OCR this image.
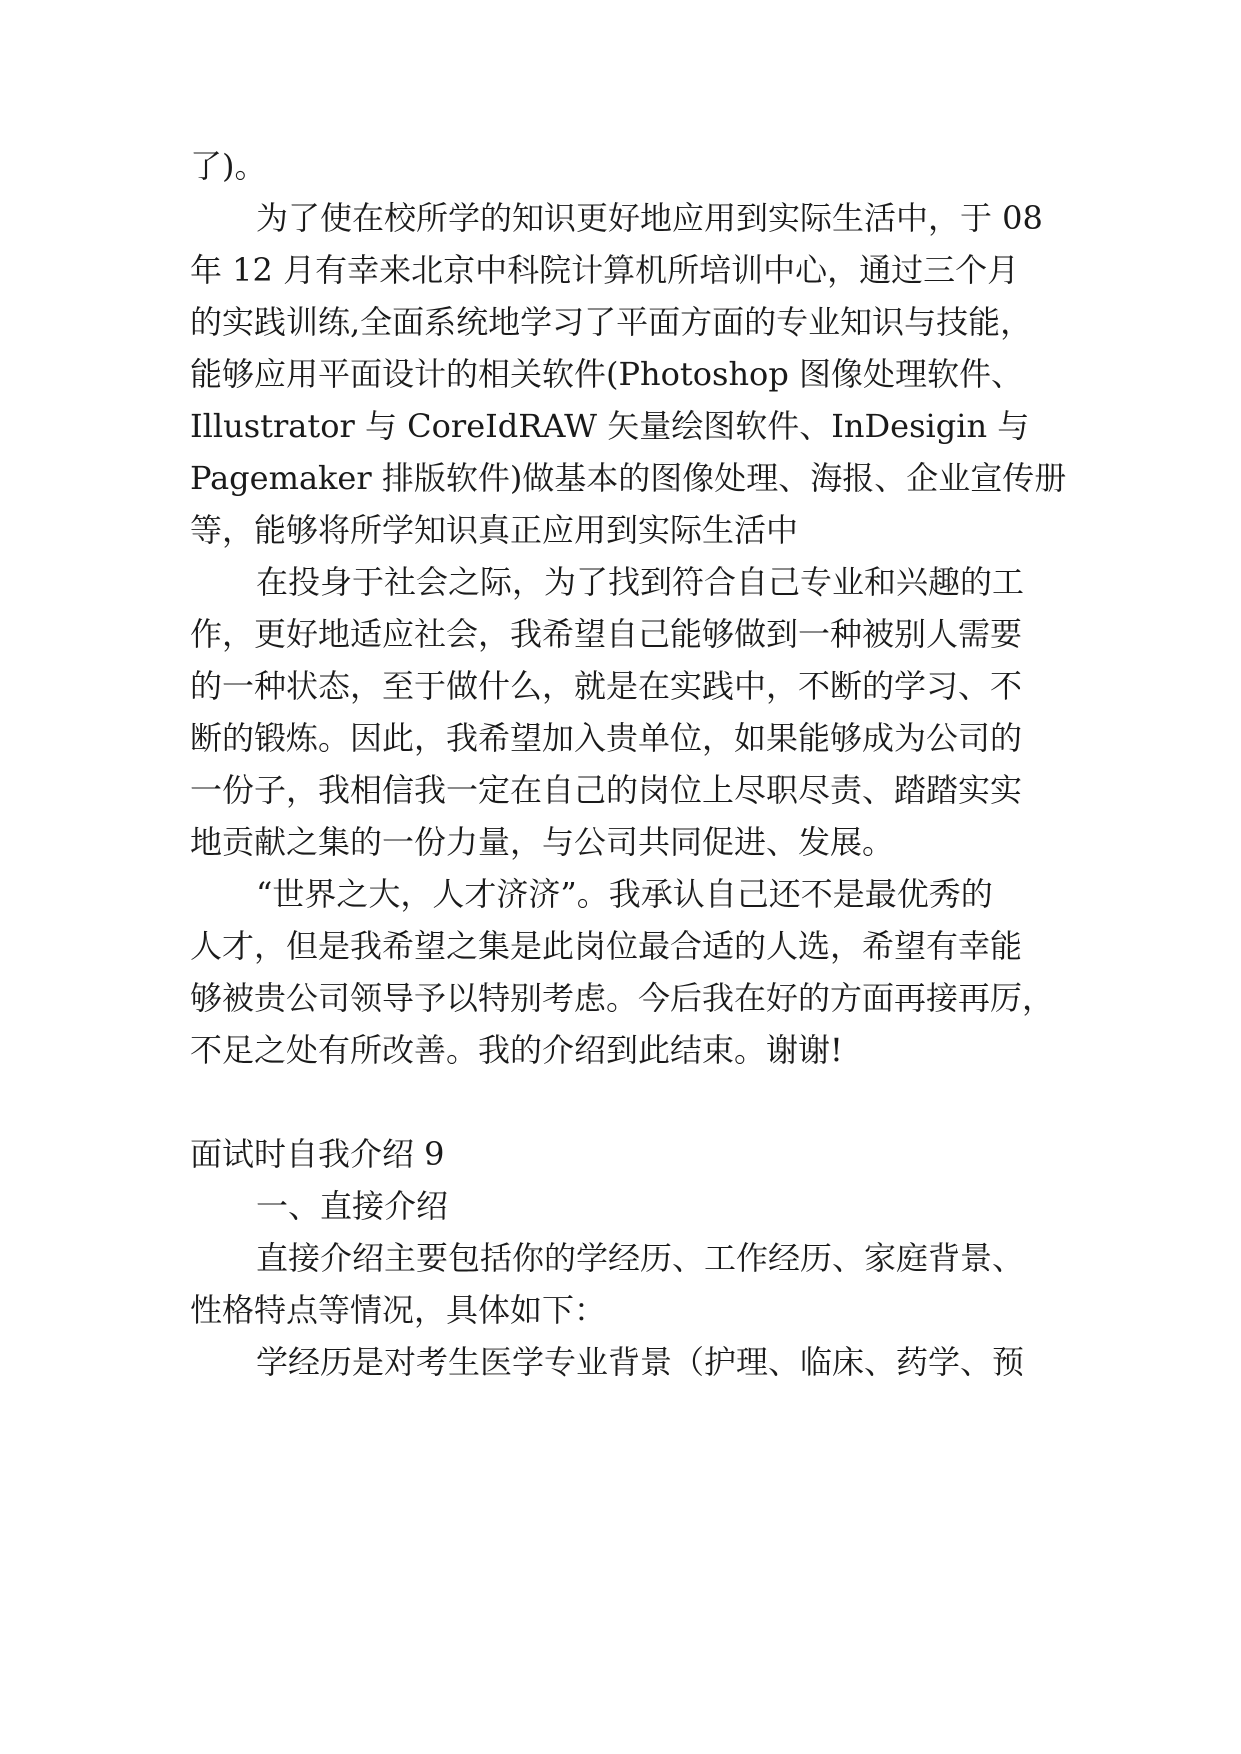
了)。

为了使在校所学的知识更好地应用到实际生活中，于 08

年 12 月有幸来北京中科院计算机所培训中心，通过三个月

的实践训练,全面系统地学习了平面方面的专业知识与技能，

能够应用平面设计的相关软件(Photoshop 图像处理软件、

Illustrator 与 CoreIdRAW 矢量绘图软件、InDesigin 与

Pagemaker 排版软件)做基本的图像处理、海报、企业宣传册

等，能够将所学知识真正应用到实际生活中

在投身于社会之际，为了找到符合自己专业和兴趣的工

作，更好地适应社会，我希望自己能够做到一种被别人需要

的一种状态，至于做什么，就是在实践中，不断的学习、不

断的锻炼。因此，我希望加入贵单位，如果能够成为公司的

一份子，我相信我一定在自己的岗位上尽职尽责、踏踏实实

地贡献之集的一份力量，与公司共同促进、发展。

“世界之大，人才济济”。我承认自己还不是最优秀的

人才，但是我希望之集是此岗位最合适的人选，希望有幸能

够被贵公司领导予以特别考虑。今后我在好的方面再接再厉，

不足之处有所改善。我的介绍到此结束。谢谢!

面试时自我介绍 9

一、直接介绍

直接介绍主要包括你的学经历、工作经历、家庭背景、

性格特点等情况，具体如下：

学经历是对考生医学专业背景（护理、临床、药学、预
